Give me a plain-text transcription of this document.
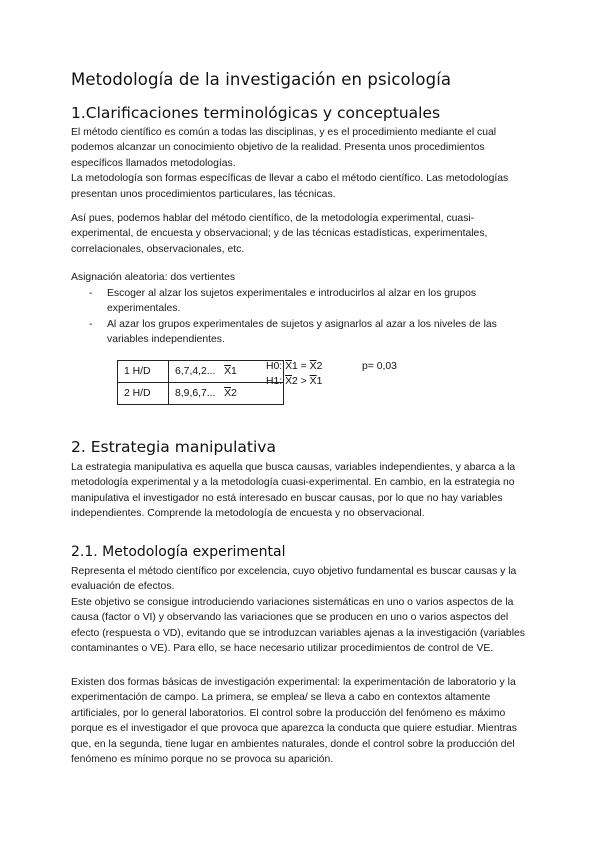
Metodología de la investigación en psicología
1.Clarificaciones terminológicas y conceptuales

El método científico es común a todas las disciplinas, y es el procedimiento mediante el cual podemos alcanzar un conocimiento objetivo de la realidad. Presenta unos procedimientos específicos llamados metodologías.

La metodología son formas específicas de llevar a cabo el método científico. Las metodologías presentan unos procedimientos particulares, las técnicas.

Así pues, podemos hablar del método científico, de la metodología experimental, cuasi-experimental, de encuesta y observacional; y de las técnicas estadísticas, experimentales, correlacionales, observacionales, etc.

Asignación aleatoria: dos vertientes

- Escoger al alzar los sujetos experimentales e introducirlos al alzar en los grupos experimentales.
- Al azar los grupos experimentales de sujetos y asignarlos al azar a los niveles de las variables independientes.
1 H/D	6,7,4,2... $\overline{X}1$
2 H/D	8,9,6,7... $\overline{X}2$
H0: $\overline{X}1 = \overline{X}2$	p= 0,03
H1: $\overline{X}2 > \overline{X}1$
2. Estrategia manipulativa

La estrategia manipulativa es aquella que busca causas, variables independientes, y abarca a la metodología experimental y a la metodología cuasi-experimental. En cambio, en la estrategia no manipulativa el investigador no está interesado en buscar causas, por lo que no hay variables independientes. Comprende la metodología de encuesta y no observacional.

2.1. Metodología experimental

Representa el método científico por excelencia, cuyo objetivo fundamental es buscar causas y la evaluación de efectos.

Este objetivo se consigue introduciendo variaciones sistemáticas en uno o varios aspectos de la causa (factor o VI) y observando las variaciones que se producen en uno o varios aspectos del efecto (respuesta o VD), evitando que se introduzcan variables ajenas a la investigación (variables contaminantes o VE). Para ello, se hace necesario utilizar procedimientos de control de VE.

Existen dos formas básicas de investigación experimental: la experimentación de laboratorio y la experimentación de campo. La primera, se emplea/ se lleva a cabo en contextos altamente artificiales, por lo general laboratorios. El control sobre la producción del fenómeno es máximo porque es el investigador el que provoca que aparezca la conducta que quiere estudiar. Mientras que, en la segunda, tiene lugar en ambientes naturales, donde el control sobre la producción del fenómeno es mínimo porque no se provoca su aparición.
